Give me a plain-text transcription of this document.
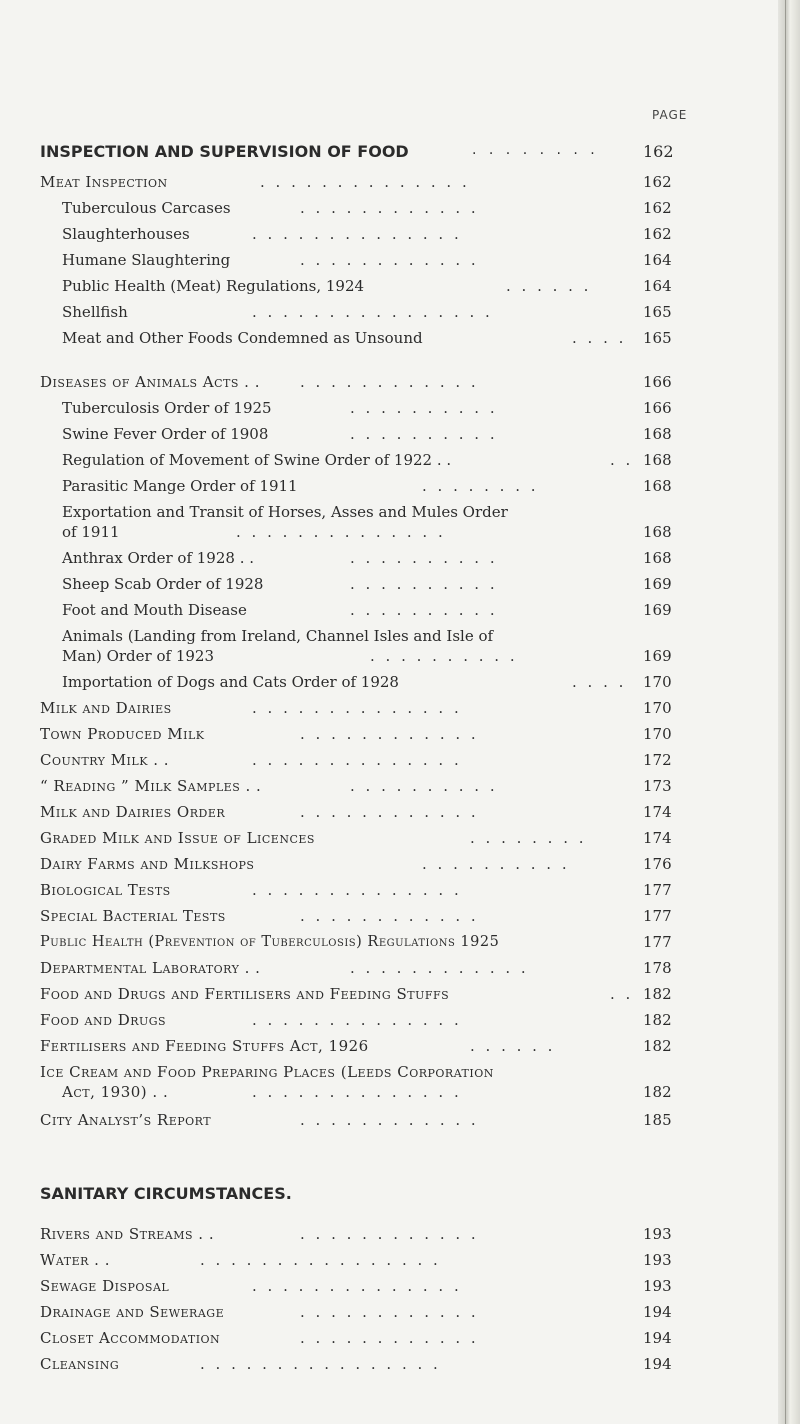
PAGE
INSPECTION AND SUPERVISION OF FOOD	. . . . . . . .	162
Meat Inspection	. . . . . . . . . . . . . .	162
Tuberculous Carcases	. . . . . . . . . . . .	162
Slaughterhouses	. . . . . . . . . . . . . .	162
Humane Slaughtering	. . . . . . . . . . . .	164
Public Health (Meat) Regulations, 1924	. . . . . .	164
Shellfish	. . . . . . . . . . . . . . . .	165
Meat and Other Foods Condemned as Unsound	. . . . 165
Diseases of Animals Acts . .	. . . . . . . . . . . .	166
Tuberculosis Order of 1925	. . . . . . . . . .	166
Swine Fever Order of 1908	. . . . . . . . . .	168
Regulation of Movement of Swine Order of 1922 . .	. . 168
Parasitic Mange Order of 1911	. . . . . . . .	168
Exportation and Transit of Horses, Asses and Mules Order
of 1911	. . . . . . . . . . . . . .	168
Anthrax Order of 1928 . .	. . . . . . . . . .	168
Sheep Scab Order of 1928	. . . . . . . . . .	169
Foot and Mouth Disease	. . . . . . . . . .	169
Animals (Landing from Ireland, Channel Isles and Isle of
Man) Order of 1923	. . . . . . . . . .	169
Importation of Dogs and Cats Order of 1928	. . . . 170
Milk and Dairies	. . . . . . . . . . . . . .	170
Town Produced Milk	. . . . . . . . . . . .	170
Country Milk . .	. . . . . . . . . . . . . .	172
“ Reading ” Milk Samples . .	. . . . . . . . . .	173
Milk and Dairies Order	. . . . . . . . . . . .	174
Graded Milk and Issue of Licences	. . . . . . . .	174
Dairy Farms and Milkshops	. . . . . . . . . .	176
Biological Tests	. . . . . . . . . . . . . .	177
Special Bacterial Tests	. . . . . . . . . . . .	177
Public Health (Prevention of Tuberculosis) Regulations 1925	177
Departmental Laboratory . .	. . . . . . . . . . . .	178
Food and Drugs and Fertilisers and Feeding Stuffs	. . 182
Food and Drugs	. . . . . . . . . . . . . .	182
Fertilisers and Feeding Stuffs Act, 1926	. . . . . .	182
Ice Cream and Food Preparing Places (Leeds Corporation
Act, 1930) . .	. . . . . . . . . . . . . .	182
City Analyst’s Report	. . . . . . . . . . . .	185
SANITARY CIRCUMSTANCES.
Rivers and Streams . .	. . . . . . . . . . . .	193
Water . .	. . . . . . . . . . . . . . . .	193
Sewage Disposal	. . . . . . . . . . . . . .	193
Drainage and Sewerage	. . . . . . . . . . . .	194
Closet Accommodation	. . . . . . . . . . . .	194
Cleansing	. . . . . . . . . . . . . . . .	194
